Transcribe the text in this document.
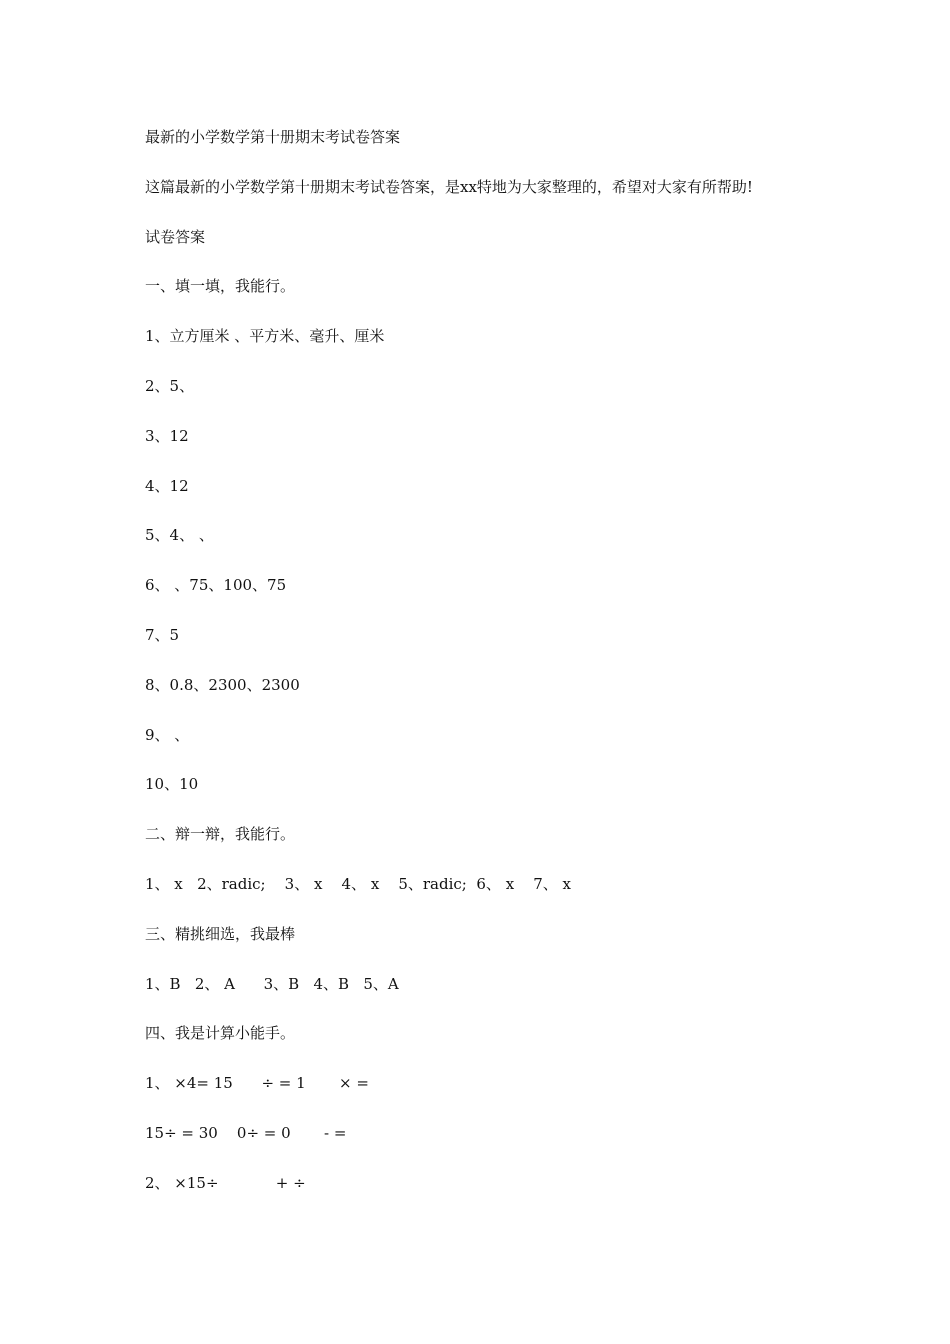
最新的小学数学第十册期末考试卷答案
这篇最新的小学数学第十册期末考试卷答案，是xx特地为大家整理的，希望对大家有所帮助!
试卷答案
一、填一填，我能行。
1、立方厘米 、平方米、毫升、厘米
2、5、
3、12
4、12
5、4、 、
6、 、75、100、75
7、5
8、0.8、2300、2300
9、 、
10、10
二、辩一辩，我能行。
1、 x   2、radic;    3、 x    4、 x    5、radic;  6、 x    7、 x
三、精挑细选，我最棒
1、B   2、 A      3、B   4、B   5、A
四、我是计算小能手。
1、 ×4= 15      ÷ = 1       × =
15÷ = 30    0÷ = 0       - =
2、 ×15÷            + ÷
